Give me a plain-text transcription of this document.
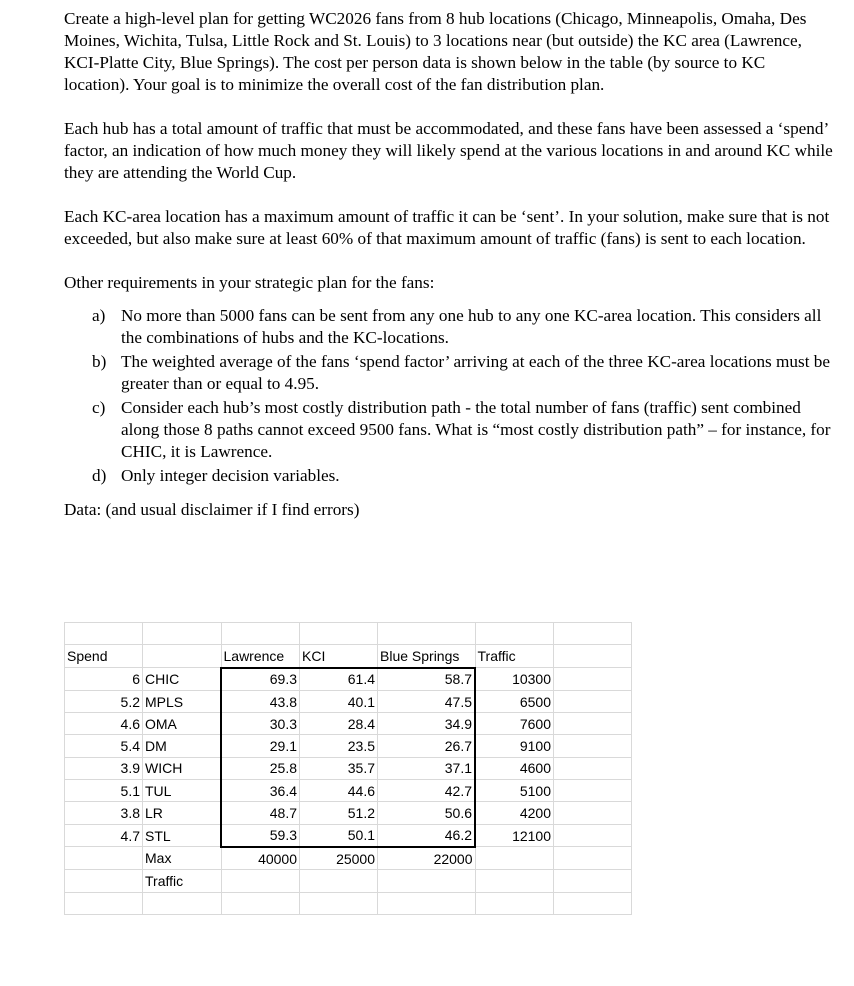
Create a high-level plan for getting WC2026 fans from 8 hub locations (Chicago, Minneapolis, Omaha, Des Moines, Wichita, Tulsa, Little Rock and St. Louis) to 3 locations near (but outside) the KC area (Lawrence, KCI-Platte City, Blue Springs). The cost per person data is shown below in the table (by source to KC location). Your goal is to minimize the overall cost of the fan distribution plan.

Each hub has a total amount of traffic that must be accommodated, and these fans have been assessed a ‘spend’ factor, an indication of how much money they will likely spend at the various locations in and around KC while they are attending the World Cup.

Each KC-area location has a maximum amount of traffic it can be ‘sent’. In your solution, make sure that is not exceeded, but also make sure at least 60% of that maximum amount of traffic (fans) is sent to each location.

Other requirements in your strategic plan for the fans:

a) No more than 5000 fans can be sent from any one hub to any one KC-area location. This considers all the combinations of hubs and the KC-locations.
b) The weighted average of the fans ‘spend factor’ arriving at each of the three KC-area locations must be greater than or equal to 4.95.
c) Consider each hub’s most costly distribution path - the total number of fans (traffic) sent combined along those 8 paths cannot exceed 9500 fans. What is “most costly distribution path” – for instance, for CHIC, it is Lawrence.
d) Only integer decision variables.

Data: (and usual disclaimer if I find errors)

Spend		Lawrence	KCI	Blue Springs	Traffic	
6	CHIC	69.3	61.4	58.7	10300	
5.2	MPLS	43.8	40.1	47.5	6500	
4.6	OMA	30.3	28.4	34.9	7600	
5.4	DM	29.1	23.5	26.7	9100	
3.9	WICH	25.8	35.7	37.1	4600	
5.1	TUL	36.4	44.6	42.7	5100	
3.8	LR	48.7	51.2	50.6	4200	
4.7	STL	59.3	50.1	46.2	12100	
	Max	40000	25000	22000		
	Traffic					
